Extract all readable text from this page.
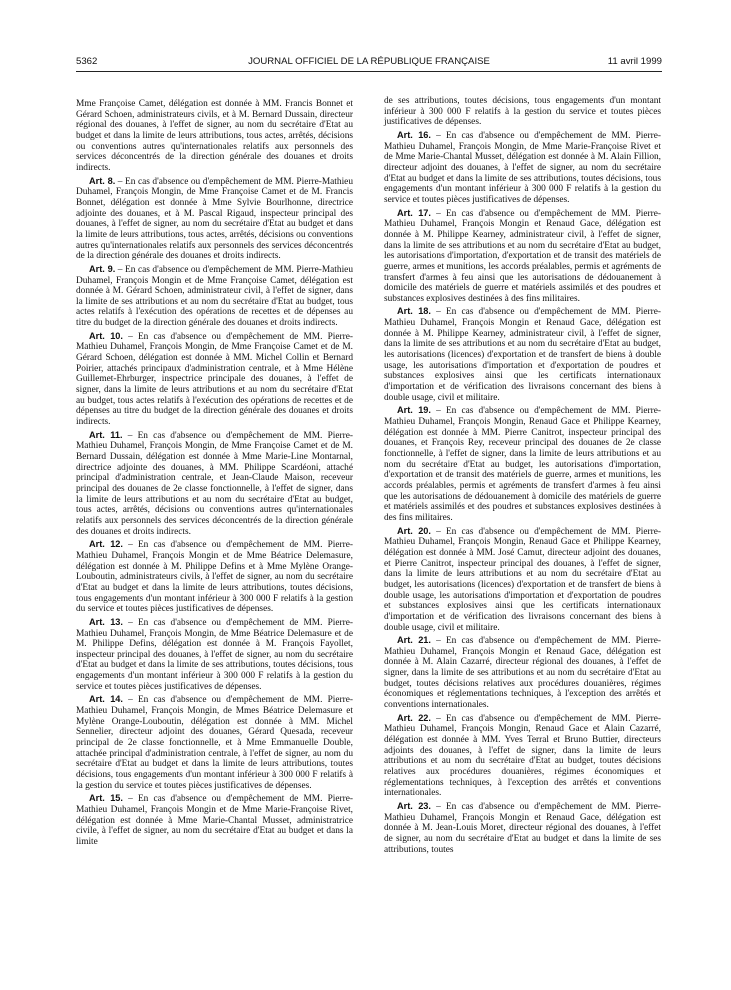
5362	JOURNAL OFFICIEL DE LA RÉPUBLIQUE FRANÇAISE	11 avril 1999

Mme Françoise Camet, délégation est donnée à MM. Francis Bonnet et Gérard Schoen, administrateurs civils, et à M. Bernard Dussain, directeur régional des douanes, à l'effet de signer, au nom du secrétaire d'Etat au budget et dans la limite de leurs attributions, tous actes, arrêtés, décisions ou conventions autres qu'internationales relatifs aux personnels des services déconcentrés de la direction générale des douanes et droits indirects.

Art. 8. – En cas d'absence ou d'empêchement de MM. Pierre-Mathieu Duhamel, François Mongin, de Mme Françoise Camet et de M. Francis Bonnet, délégation est donnée à Mme Sylvie Bourlhonne, directrice adjointe des douanes, et à M. Pascal Rigaud, inspecteur principal des douanes, à l'effet de signer, au nom du secrétaire d'Etat au budget et dans la limite de leurs attributions, tous actes, arrêtés, décisions ou conventions autres qu'internationales relatifs aux personnels des services déconcentrés de la direction générale des douanes et droits indirects.

Art. 9. – En cas d'absence ou d'empêchement de MM. Pierre-Mathieu Duhamel, François Mongin et de Mme Françoise Camet, délégation est donnée à M. Gérard Schoen, administrateur civil, à l'effet de signer, dans la limite de ses attributions et au nom du secrétaire d'Etat au budget, tous actes relatifs à l'exécution des opérations de recettes et de dépenses au titre du budget de la direction générale des douanes et droits indirects.

Art. 10. – En cas d'absence ou d'empêchement de MM. Pierre-Mathieu Duhamel, François Mongin, de Mme Françoise Camet et de M. Gérard Schoen, délégation est donnée à MM. Michel Collin et Bernard Poirier, attachés principaux d'administration centrale, et à Mme Hélène Guillemet-Ehrburger, inspectrice principale des douanes, à l'effet de signer, dans la limite de leurs attributions et au nom du secrétaire d'Etat au budget, tous actes relatifs à l'exécution des opérations de recettes et de dépenses au titre du budget de la direction générale des douanes et droits indirects.

Art. 11. – En cas d'absence ou d'empêchement de MM. Pierre-Mathieu Duhamel, François Mongin, de Mme Françoise Camet et de M. Bernard Dussain, délégation est donnée à Mme Marie-Line Montarnal, directrice adjointe des douanes, à MM. Philippe Scardéoni, attaché principal d'administration centrale, et Jean-Claude Maison, receveur principal des douanes de 2e classe fonctionnelle, à l'effet de signer, dans la limite de leurs attributions et au nom du secrétaire d'Etat au budget, tous actes, arrêtés, décisions ou conventions autres qu'internationales relatifs aux personnels des services déconcentrés de la direction générale des douanes et droits indirects.

Art. 12. – En cas d'absence ou d'empêchement de MM. Pierre-Mathieu Duhamel, François Mongin et de Mme Béatrice Delemasure, délégation est donnée à M. Philippe Defins et à Mme Mylène Orange-Louboutin, administrateurs civils, à l'effet de signer, au nom du secrétaire d'Etat au budget et dans la limite de leurs attributions, toutes décisions, tous engagements d'un montant inférieur à 300 000 F relatifs à la gestion du service et toutes pièces justificatives de dépenses.

Art. 13. – En cas d'absence ou d'empêchement de MM. Pierre-Mathieu Duhamel, François Mongin, de Mme Béatrice Delemasure et de M. Philippe Defins, délégation est donnée à M. François Fayollet, inspecteur principal des douanes, à l'effet de signer, au nom du secrétaire d'Etat au budget et dans la limite de ses attributions, toutes décisions, tous engagements d'un montant inférieur à 300 000 F relatifs à la gestion du service et toutes pièces justificatives de dépenses.

Art. 14. – En cas d'absence ou d'empêchement de MM. Pierre-Mathieu Duhamel, François Mongin, de Mmes Béatrice Delemasure et Mylène Orange-Louboutin, délégation est donnée à MM. Michel Sennelier, directeur adjoint des douanes, Gérard Quesada, receveur principal de 2e classe fonctionnelle, et à Mme Emmanuelle Double, attachée principal d'administration centrale, à l'effet de signer, au nom du secrétaire d'Etat au budget et dans la limite de leurs attributions, toutes décisions, tous engagements d'un montant inférieur à 300 000 F relatifs à la gestion du service et toutes pièces justificatives de dépenses.

Art. 15. – En cas d'absence ou d'empêchement de MM. Pierre-Mathieu Duhamel, François Mongin et de Mme Marie-Françoise Rivet, délégation est donnée à Mme Marie-Chantal Musset, administratrice civile, à l'effet de signer, au nom du secrétaire d'Etat au budget et dans la limite

de ses attributions, toutes décisions, tous engagements d'un montant inférieur à 300 000 F relatifs à la gestion du service et toutes pièces justificatives de dépenses.

Art. 16. – En cas d'absence ou d'empêchement de MM. Pierre-Mathieu Duhamel, François Mongin, de Mme Marie-Françoise Rivet et de Mme Marie-Chantal Musset, délégation est donnée à M. Alain Fillion, directeur adjoint des douanes, à l'effet de signer, au nom du secrétaire d'Etat au budget et dans la limite de ses attributions, toutes décisions, tous engagements d'un montant inférieur à 300 000 F relatifs à la gestion du service et toutes pièces justificatives de dépenses.

Art. 17. – En cas d'absence ou d'empêchement de MM. Pierre-Mathieu Duhamel, François Mongin et Renaud Gace, délégation est donnée à M. Philippe Kearney, administrateur civil, à l'effet de signer, dans la limite de ses attributions et au nom du secrétaire d'Etat au budget, les autorisations d'importation, d'exportation et de transit des matériels de guerre, armes et munitions, les accords préalables, permis et agréments de transfert d'armes à feu ainsi que les autorisations de dédouanement à domicile des matériels de guerre et matériels assimilés et des poudres et substances explosives destinées à des fins militaires.

Art. 18. – En cas d'absence ou d'empêchement de MM. Pierre-Mathieu Duhamel, François Mongin et Renaud Gace, délégation est donnée à M. Philippe Kearney, administrateur civil, à l'effet de signer, dans la limite de ses attributions et au nom du secrétaire d'Etat au budget, les autorisations (licences) d'exportation et de transfert de biens à double usage, les autorisations d'importation et d'exportation de poudres et substances explosives ainsi que les certificats internationaux d'importation et de vérification des livraisons concernant des biens à double usage, civil et militaire.

Art. 19. – En cas d'absence ou d'empêchement de MM. Pierre-Mathieu Duhamel, François Mongin, Renaud Gace et Philippe Kearney, délégation est donnée à MM. Pierre Canitrot, inspecteur principal des douanes, et François Rey, receveur principal des douanes de 2e classe fonctionnelle, à l'effet de signer, dans la limite de leurs attributions et au nom du secrétaire d'Etat au budget, les autorisations d'importation, d'exportation et de transit des matériels de guerre, armes et munitions, les accords préalables, permis et agréments de transfert d'armes à feu ainsi que les autorisations de dédouanement à domicile des matériels de guerre et matériels assimilés et des poudres et substances explosives destinées à des fins militaires.

Art. 20. – En cas d'absence ou d'empêchement de MM. Pierre-Mathieu Duhamel, François Mongin, Renaud Gace et Philippe Kearney, délégation est donnée à MM. José Camut, directeur adjoint des douanes, et Pierre Canitrot, inspecteur principal des douanes, à l'effet de signer, dans la limite de leurs attributions et au nom du secrétaire d'Etat au budget, les autorisations (licences) d'exportation et de transfert de biens à double usage, les autorisations d'importation et d'exportation de poudres et substances explosives ainsi que les certificats internationaux d'importation et de vérification des livraisons concernant des biens à double usage, civil et militaire.

Art. 21. – En cas d'absence ou d'empêchement de MM. Pierre-Mathieu Duhamel, François Mongin et Renaud Gace, délégation est donnée à M. Alain Cazarré, directeur régional des douanes, à l'effet de signer, dans la limite de ses attributions et au nom du secrétaire d'Etat au budget, toutes décisions relatives aux procédures douanières, régimes économiques et réglementations techniques, à l'exception des arrêtés et conventions internationales.

Art. 22. – En cas d'absence ou d'empêchement de MM. Pierre-Mathieu Duhamel, François Mongin, Renaud Gace et Alain Cazarré, délégation est donnée à MM. Yves Terral et Bruno Buttier, directeurs adjoints des douanes, à l'effet de signer, dans la limite de leurs attributions et au nom du secrétaire d'Etat au budget, toutes décisions relatives aux procédures douanières, régimes économiques et réglementations techniques, à l'exception des arrêtés et conventions internationales.

Art. 23. – En cas d'absence ou d'empêchement de MM. Pierre-Mathieu Duhamel, François Mongin et Renaud Gace, délégation est donnée à M. Jean-Louis Moret, directeur régional des douanes, à l'effet de signer, au nom du secrétaire d'Etat au budget et dans la limite de ses attributions, toutes
